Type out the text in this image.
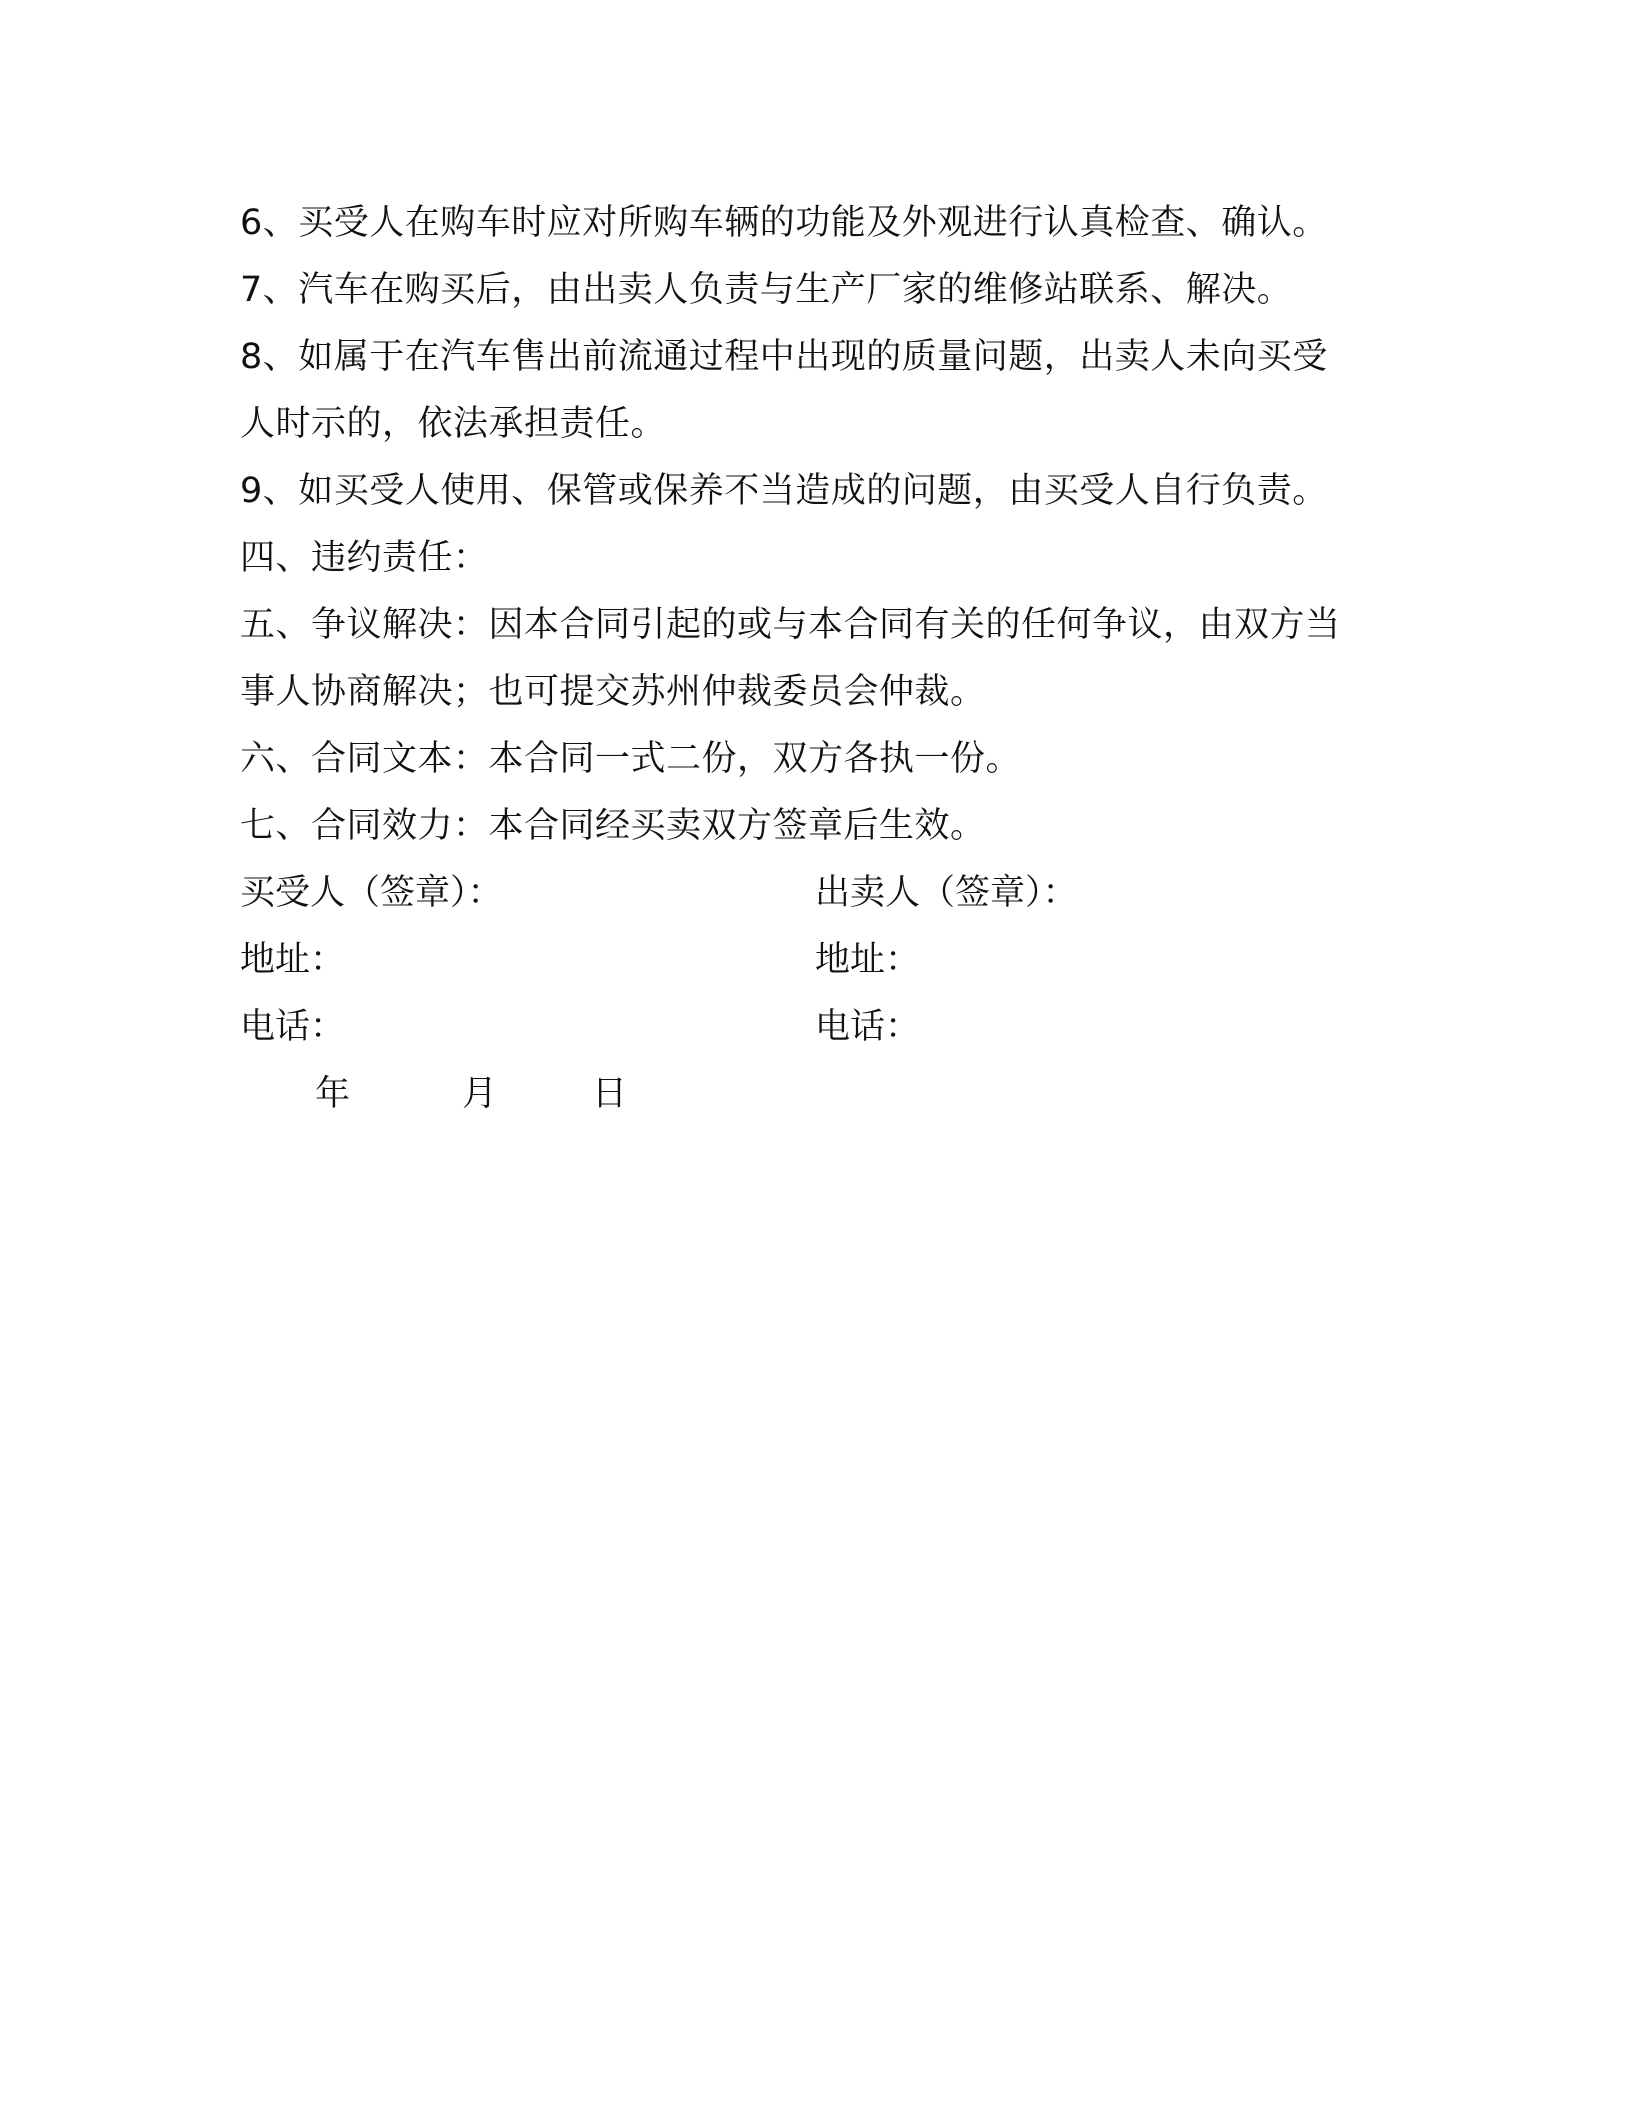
6、买受人在购车时应对所购车辆的功能及外观进行认真检查、确认。
7、汽车在购买后，由出卖人负责与生产厂家的维修站联系、解决。
8、如属于在汽车售出前流通过程中出现的质量问题，出卖人未向买受
人时示的，依法承担责任。
9、如买受人使用、保管或保养不当造成的问题，由买受人自行负责。
四、违约责任：
五、争议解决：因本合同引起的或与本合同有关的任何争议，由双方当
事人协商解决；也可提交苏州仲裁委员会仲裁。
六、合同文本：本合同一式二份，双方各执一份。
七、合同效力：本合同经买卖双方签章后生效。
买受人（签章）：	出卖人（签章）：
地址：	地址：
电话：	电话：
年	月	日
